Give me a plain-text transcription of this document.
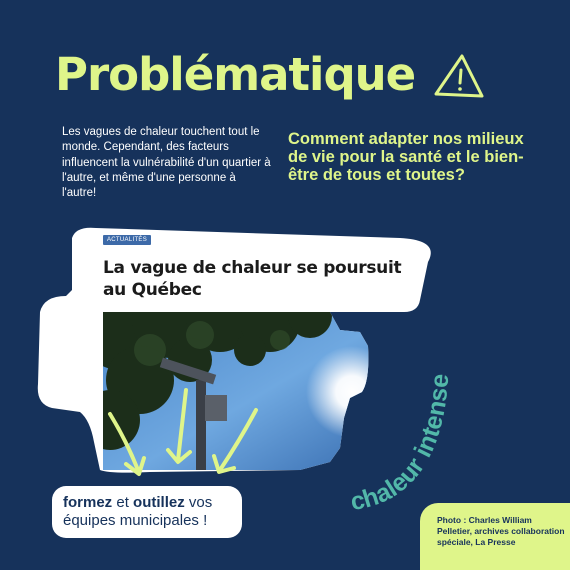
Problématique
Les vagues de chaleur touchent tout le monde. Cependant, des facteurs influencent la vulnérabilité d'un quartier à l'autre, et même d'une personne à l'autre!
Comment adapter nos milieux de vie pour la santé et le bien-être de tous et toutes?
ACTUALITÉS
La vague de chaleur se poursuit au Québec
formez et outillez vos équipes municipales !
chaleur intense
Photo : Charles William Pelletier, archives collaboration spéciale, La Presse
